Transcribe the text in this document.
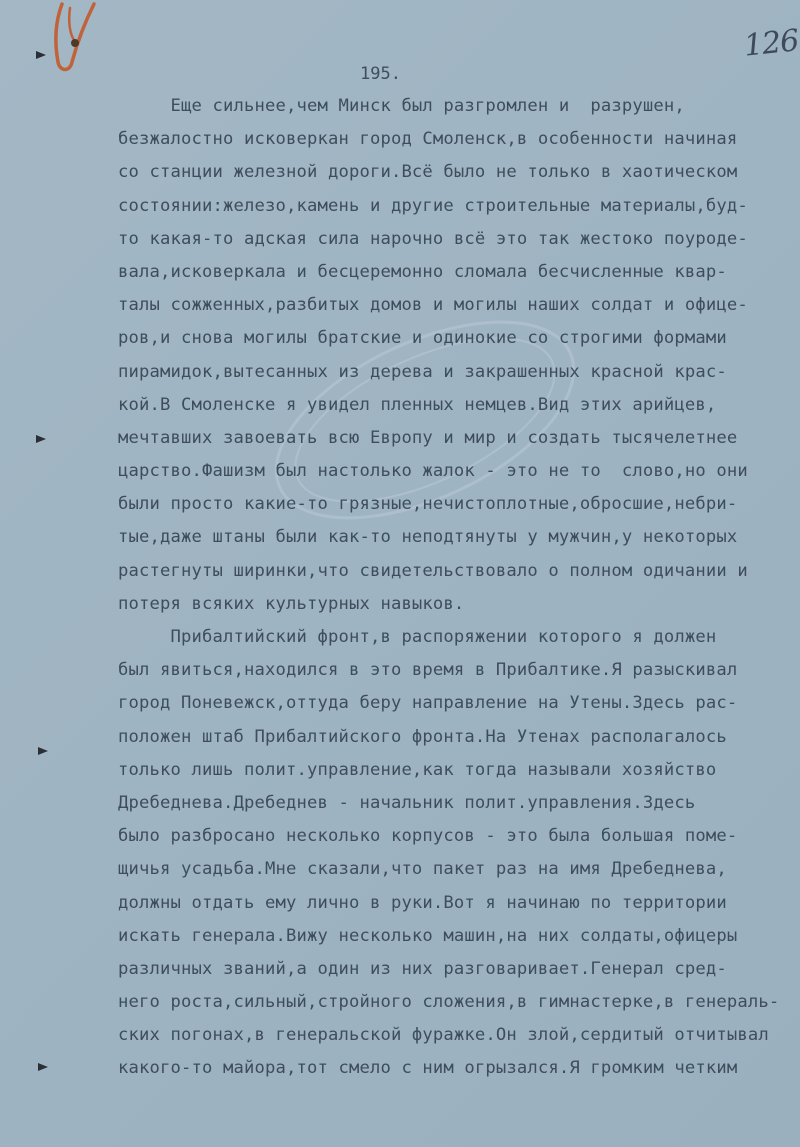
126
195.
Еще сильнее,чем Минск был разгромлен и  разрушен,
безжалостно исковеркан город Смоленск,в особенности начиная
со станции железной дороги.Всё было не только в хаотическом
состоянии:железо,камень и другие строительные материалы,буд-
то какая-то адская сила нарочно всё это так жестоко поуроде-
вала,исковеркала и бесцеремонно сломала бесчисленные квар-
талы сожженных,разбитых домов и могилы наших солдат и офице-
ров,и снова могилы братские и одинокие со строгими формами
пирамидок,вытесанных из дерева и закрашенных красной крас-
кой.В Смоленске я увидел пленных немцев.Вид этих арийцев,
мечтавших завоевать всю Европу и мир и создать тысячелетнее
царство.Фашизм был настолько жалок - это не то  слово,но они
были просто какие-то грязные,нечистоплотные,обросшие,небри-
тые,даже штаны были как-то неподтянуты у мужчин,у некоторых
растегнуты ширинки,что свидетельствовало о полном одичании и
потеря всяких культурных навыков.
Прибалтийский фронт,в распоряжении которого я должен
был явиться,находился в это время в Прибалтике.Я разыскивал
город Поневежск,оттуда беру направление на Утены.Здесь рас-
положен штаб Прибалтийского фронта.На Утенах располагалось
только лишь полит.управление,как тогда называли хозяйство
Дребеднева.Дребеднев - начальник полит.управления.Здесь
было разбросано несколько корпусов - это была большая поме-
щичья усадьба.Мне сказали,что пакет раз на имя Дребеднева,
должны отдать ему лично в руки.Вот я начинаю по территории
искать генерала.Вижу несколько машин,на них солдаты,офицеры
различных званий,а один из них разговаривает.Генерал сред-
него роста,сильный,стройного сложения,в гимнастерке,в генераль-
ских погонах,в генеральской фуражке.Он злой,сердитый отчитывал
какого-то майора,тот смело с ним огрызался.Я громким четким
